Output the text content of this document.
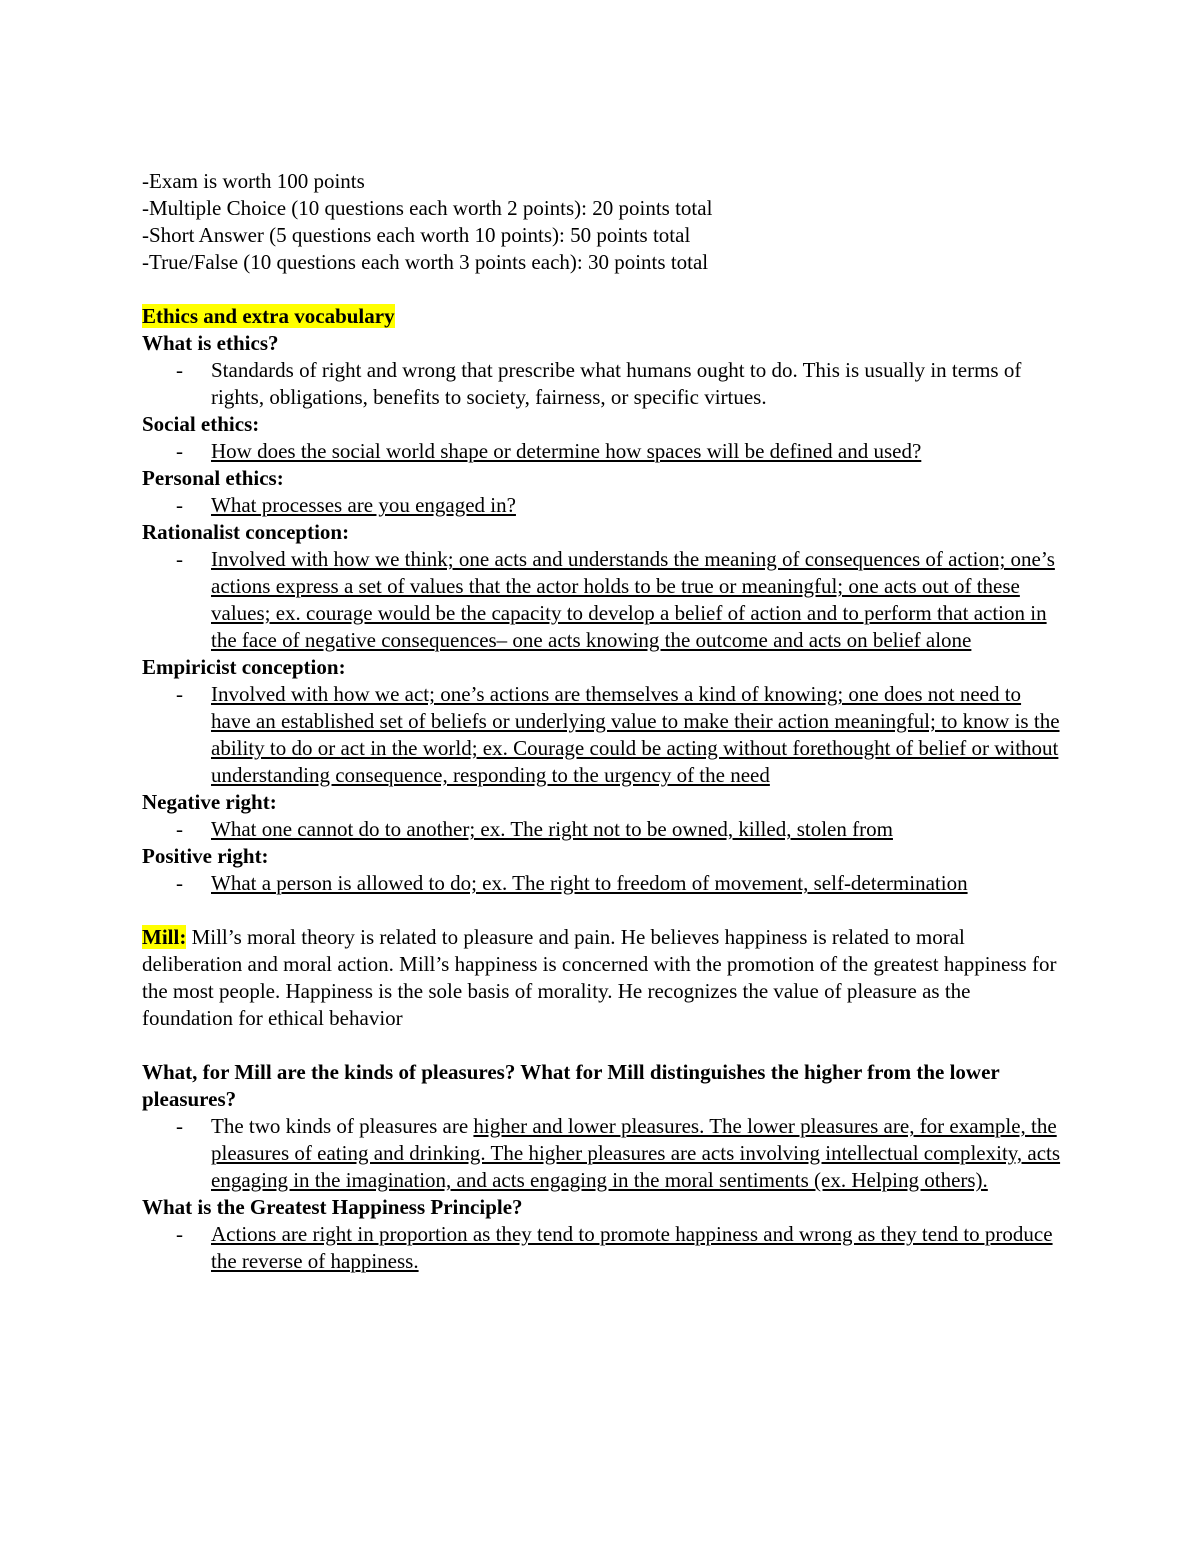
-Exam is worth 100 points

-Multiple Choice (10 questions each worth 2 points): 20 points total

-Short Answer (5 questions each worth 10 points): 50 points total

-True/False (10 questions each worth 3 points each): 30 points total

Ethics and extra vocabulary

What is ethics?

- Standards of right and wrong that prescribe what humans ought to do. This is usually in terms of rights, obligations, benefits to society, fairness, or specific virtues.

Social ethics:

- How does the social world shape or determine how spaces will be defined and used?

Personal ethics:

- What processes are you engaged in?

Rationalist conception:

- Involved with how we think; one acts and understands the meaning of consequences of action; one’s actions express a set of values that the actor holds to be true or meaningful; one acts out of these values; ex. courage would be the capacity to develop a belief of action and to perform that action in the face of negative consequences– one acts knowing the outcome and acts on belief alone

Empiricist conception:

- Involved with how we act; one’s actions are themselves a kind of knowing; one does not need to have an established set of beliefs or underlying value to make their action meaningful; to know is the ability to do or act in the world; ex. Courage could be acting without forethought of belief or without understanding consequence, responding to the urgency of the need

Negative right:

- What one cannot do to another; ex. The right not to be owned, killed, stolen from

Positive right:

- What a person is allowed to do; ex. The right to freedom of movement, self-determination

Mill: Mill’s moral theory is related to pleasure and pain. He believes happiness is related to moral deliberation and moral action. Mill’s happiness is concerned with the promotion of the greatest happiness for the most people. Happiness is the sole basis of morality. He recognizes the value of pleasure as the foundation for ethical behavior

What, for Mill are the kinds of pleasures? What for Mill distinguishes the higher from the lower pleasures?

- The two kinds of pleasures are higher and lower pleasures. The lower pleasures are, for example, the pleasures of eating and drinking. The higher pleasures are acts involving intellectual complexity, acts engaging in the imagination, and acts engaging in the moral sentiments (ex. Helping others).

What is the Greatest Happiness Principle?

- Actions are right in proportion as they tend to promote happiness and wrong as they tend to produce the reverse of happiness.
